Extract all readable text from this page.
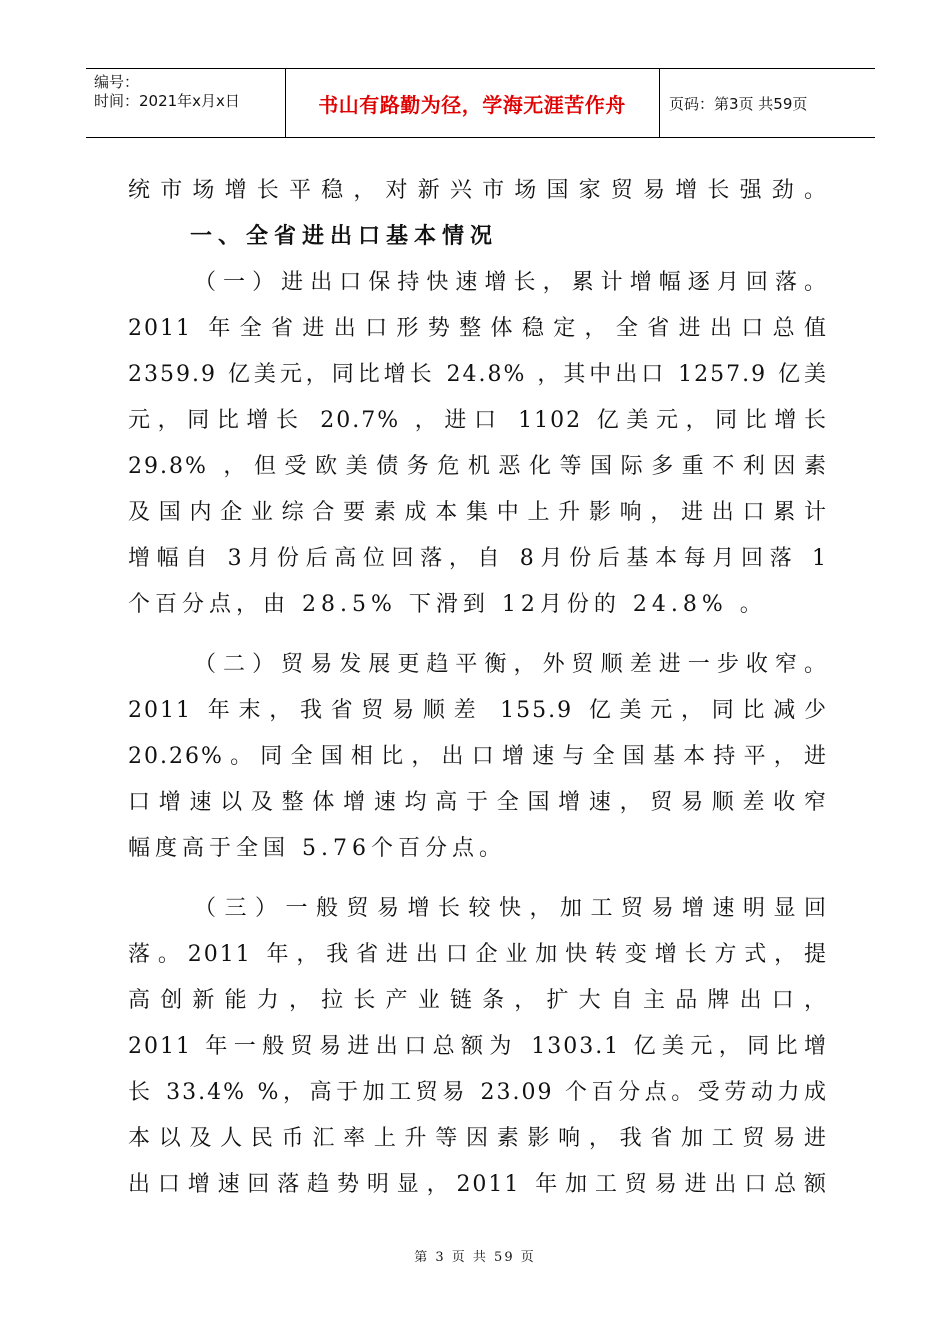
编号：
时间：2021年x月x日	书山有路勤为径，学海无涯苦作舟	页码：第3页 共59页
统市场增长平稳，对新兴市场国家贸易增长强劲。
一、全省进出口基本情况
（一）进出口保持快速增长，累计增幅逐月回落。
2011 年全省进出口形势整体稳定，全省进出口总值
2359.9 亿美元，同比增长 24.8% ，其中出口 1257.9 亿美
元，同比增长 20.7% ，进口 1102 亿美元，同比增长
29.8% ，但受欧美债务危机恶化等国际多重不利因素
及国内企业综合要素成本集中上升影响，进出口累计
增幅自 3月份后高位回落，自 8月份后基本每月回落 1
个百分点，由 28.5% 下滑到 12月份的 24.8% 。
（二）贸易发展更趋平衡，外贸顺差进一步收窄。
2011 年末，我省贸易顺差 155.9 亿美元，同比减少
20.26%。同全国相比，出口增速与全国基本持平，进
口增速以及整体增速均高于全国增速，贸易顺差收窄
幅度高于全国 5.76个百分点。
（三）一般贸易增长较快，加工贸易增速明显回
落。2011 年，我省进出口企业加快转变增长方式，提
高创新能力，拉长产业链条，扩大自主品牌出口，
2011 年一般贸易进出口总额为 1303.1 亿美元，同比增
长 33.4% %，高于加工贸易 23.09 个百分点。受劳动力成
本以及人民币汇率上升等因素影响，我省加工贸易进
出口增速回落趋势明显，2011 年加工贸易进出口总额
第 3 页 共 59 页
